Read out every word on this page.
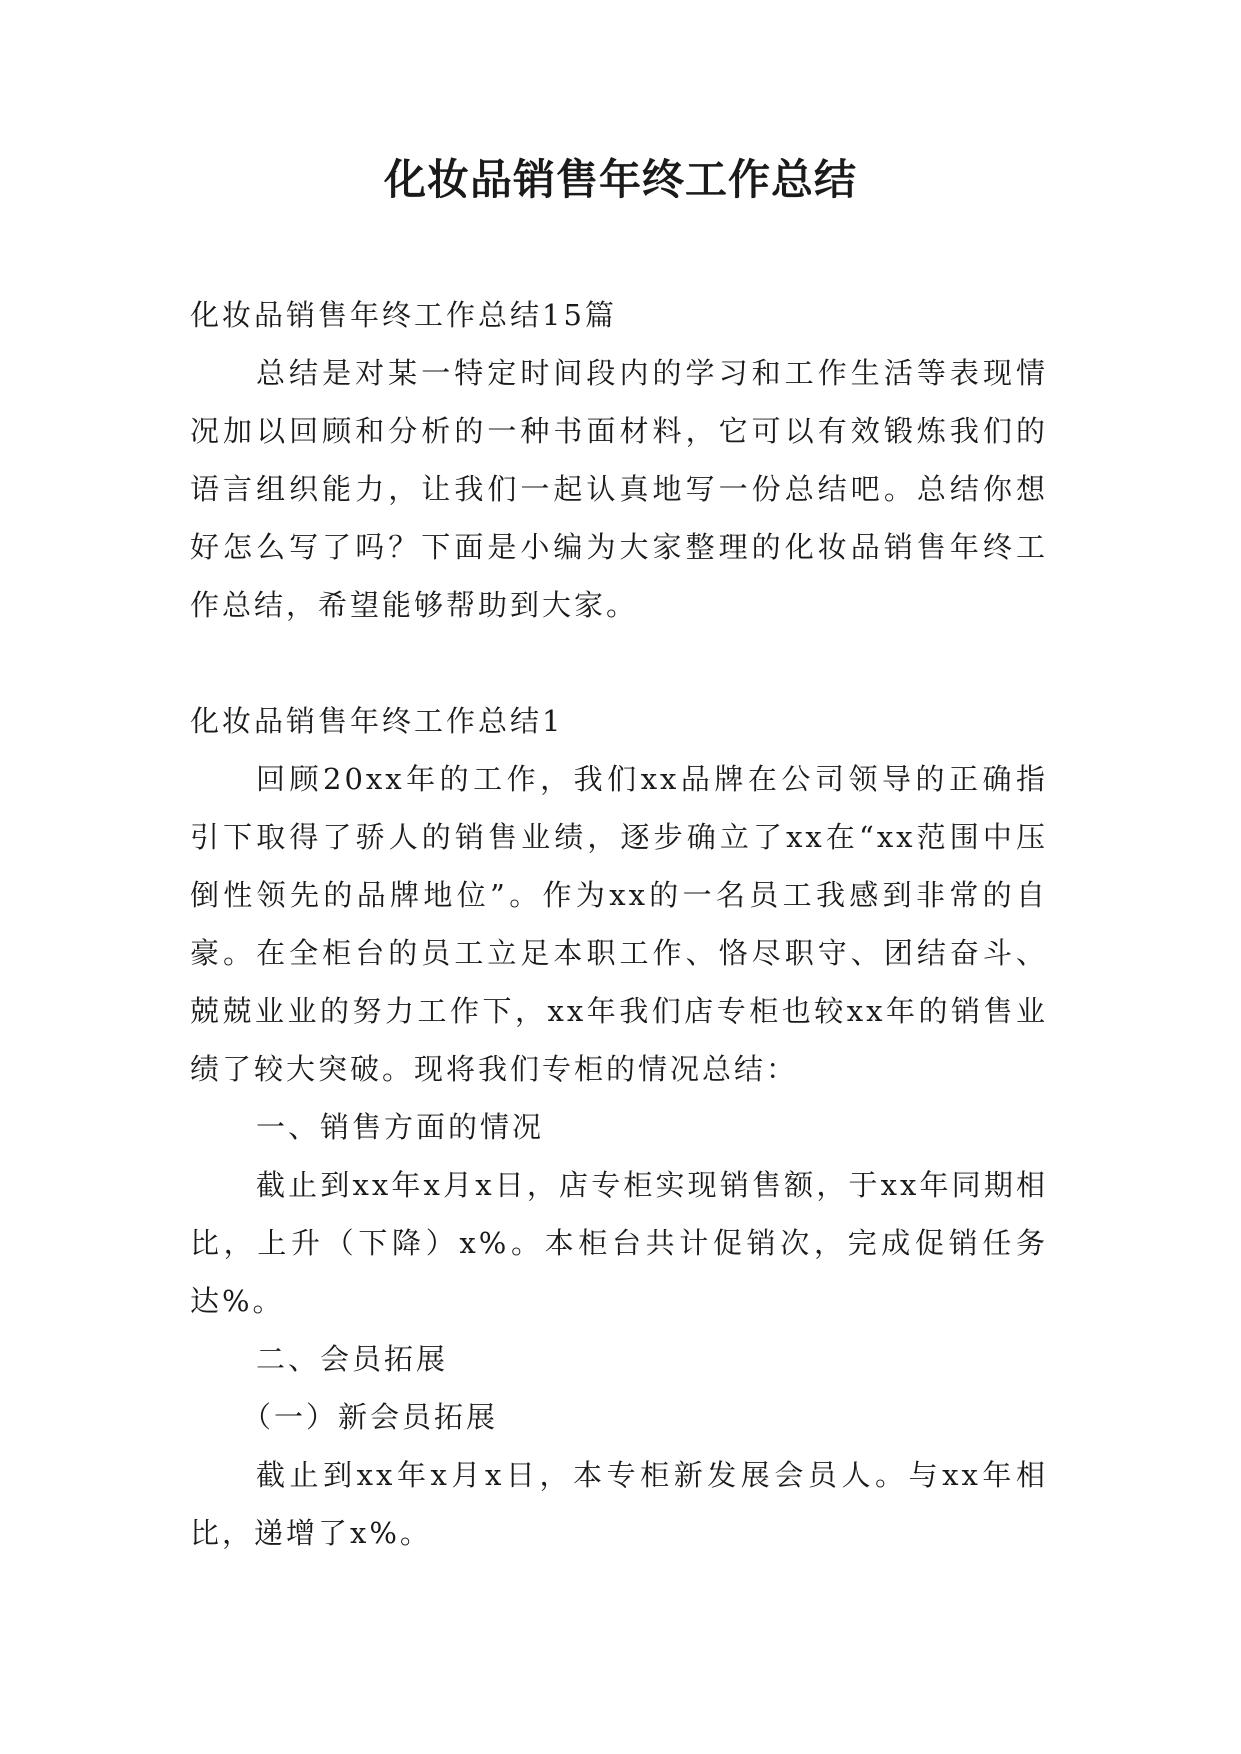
化妆品销售年终工作总结

化妆品销售年终工作总结15篇

总结是对某一特定时间段内的学习和工作生活等表现情况加以回顾和分析的一种书面材料，它可以有效锻炼我们的语言组织能力，让我们一起认真地写一份总结吧。总结你想好怎么写了吗？下面是小编为大家整理的化妆品销售年终工作总结，希望能够帮助到大家。

化妆品销售年终工作总结1

回顾20xx年的工作，我们xx品牌在公司领导的正确指引下取得了骄人的销售业绩，逐步确立了xx在“xx范围中压倒性领先的品牌地位”。作为xx的一名员工我感到非常的自豪。在全柜台的员工立足本职工作、恪尽职守、团结奋斗、兢兢业业的努力工作下，xx年我们店专柜也较xx年的销售业绩了较大突破。现将我们专柜的情况总结：

一、销售方面的情况

截止到xx年x月x日，店专柜实现销售额，于xx年同期相比，上升（下降）x%。本柜台共计促销次，完成促销任务达%。

二、会员拓展

（一）新会员拓展

截止到xx年x月x日，本专柜新发展会员人。与xx年相比，递增了x%。
